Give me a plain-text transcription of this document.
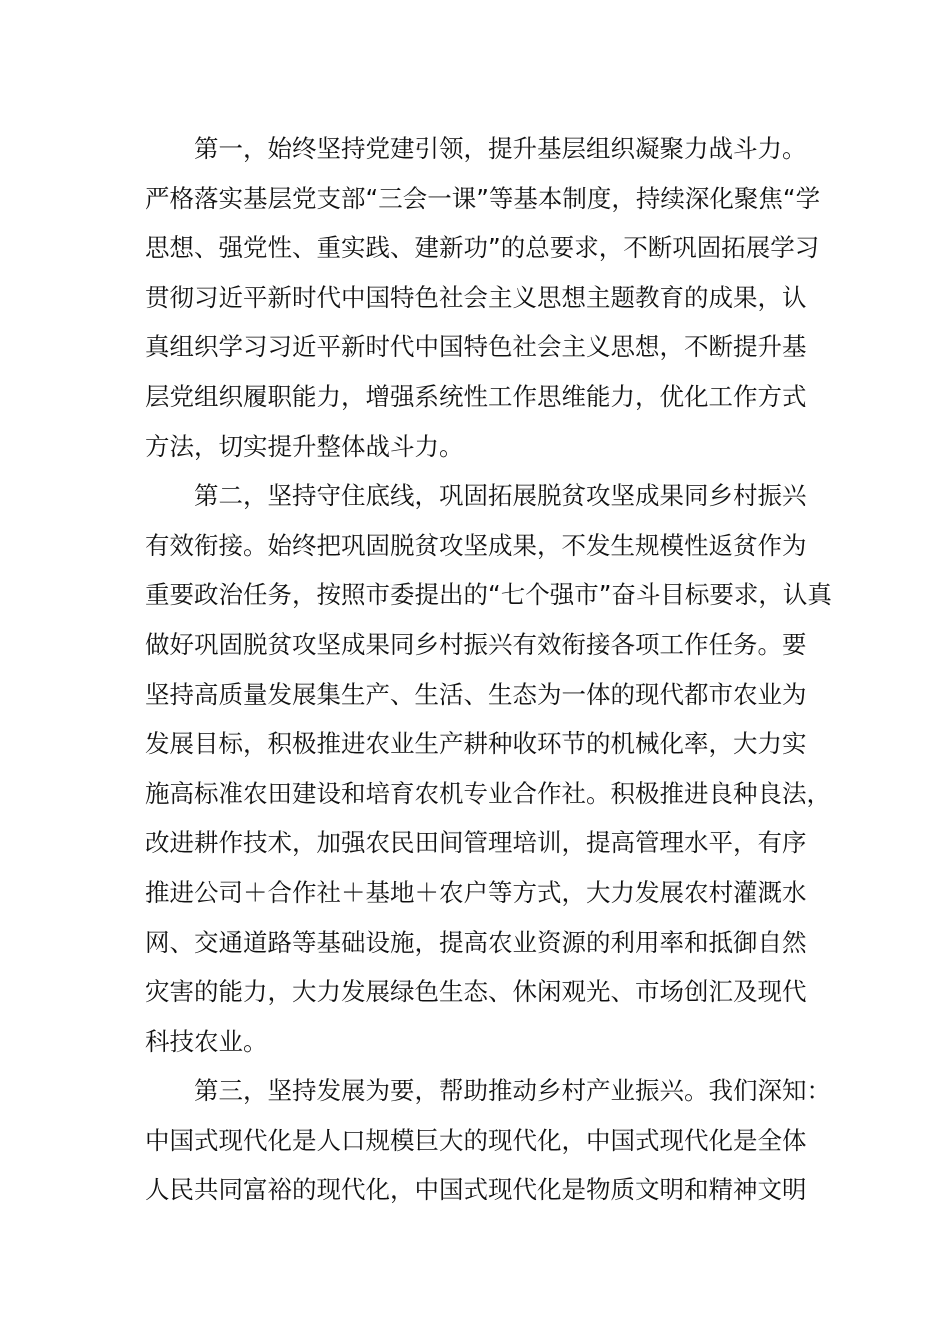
第一，始终坚持党建引领，提升基层组织凝聚力战斗力。
严格落实基层党支部“三会一课”等基本制度，持续深化聚焦“学
思想、强党性、重实践、建新功”的总要求，不断巩固拓展学习
贯彻习近平新时代中国特色社会主义思想主题教育的成果，认
真组织学习习近平新时代中国特色社会主义思想，不断提升基
层党组织履职能力，增强系统性工作思维能力，优化工作方式
方法，切实提升整体战斗力。
第二，坚持守住底线，巩固拓展脱贫攻坚成果同乡村振兴
有效衔接。始终把巩固脱贫攻坚成果，不发生规模性返贫作为
重要政治任务，按照市委提出的“七个强市”奋斗目标要求，认真
做好巩固脱贫攻坚成果同乡村振兴有效衔接各项工作任务。要
坚持高质量发展集生产、生活、生态为一体的现代都市农业为
发展目标，积极推进农业生产耕种收环节的机械化率，大力实
施高标准农田建设和培育农机专业合作社。积极推进良种良法，
改进耕作技术，加强农民田间管理培训，提高管理水平，有序
推进公司＋合作社＋基地＋农户等方式，大力发展农村灌溉水
网、交通道路等基础设施，提高农业资源的利用率和抵御自然
灾害的能力，大力发展绿色生态、休闲观光、市场创汇及现代
科技农业。
第三，坚持发展为要，帮助推动乡村产业振兴。我们深知：
中国式现代化是人口规模巨大的现代化，中国式现代化是全体
人民共同富裕的现代化，中国式现代化是物质文明和精神文明
